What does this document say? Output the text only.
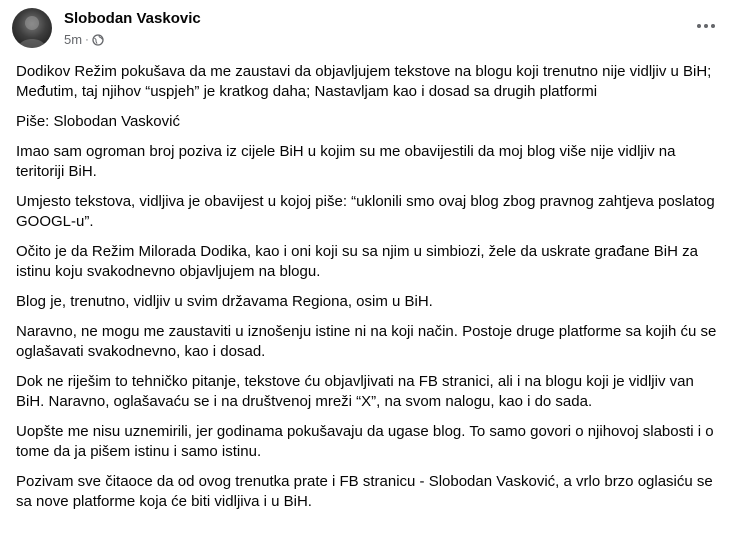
Slobodan Vaskovic
5m ·

Dodikov Režim pokušava da me zaustavi da objavljujem tekstove na blogu koji trenutno nije vidljiv u BiH; Međutim, taj njihov “uspjeh” je kratkog daha; Nastavljam kao i dosad sa drugih platformi

Piše: Slobodan Vasković

Imao sam ogroman broj poziva iz cijele BiH u kojim su me obavijestili da moj blog više nije vidljiv na teritoriji BiH.

Umjesto tekstova, vidljiva je obavijest u kojoj piše: “uklonili smo ovaj blog zbog pravnog zahtjeva poslatog GOOGL-u”.

Očito je da Režim Milorada Dodika, kao i oni koji su sa njim u simbiozi, žele da uskrate građane BiH za istinu koju svakodnevno objavljujem na blogu.

Blog je, trenutno, vidljiv u svim državama Regiona, osim u BiH.

Naravno, ne mogu me zaustaviti u iznošenju istine ni na koji način. Postoje druge platforme sa kojih ću se oglašavati svakodnevno, kao i dosad.

Dok ne riješim to tehničko pitanje, tekstove ću objavljivati na FB stranici, ali i na blogu koji je vidljiv van BiH. Naravno, oglašavaću se i na društvenoj mreži “X”, na svom nalogu, kao i do sada.

Uopšte me nisu uznemirili, jer godinama pokušavaju da ugase blog. To samo govori o njihovoj slabosti i o tome da ja pišem istinu i samo istinu.

Pozivam sve čitaoce da od ovog trenutka prate i FB stranicu - Slobodan Vasković, a vrlo brzo oglasiću se sa nove platforme koja će biti vidljiva i u BiH.
